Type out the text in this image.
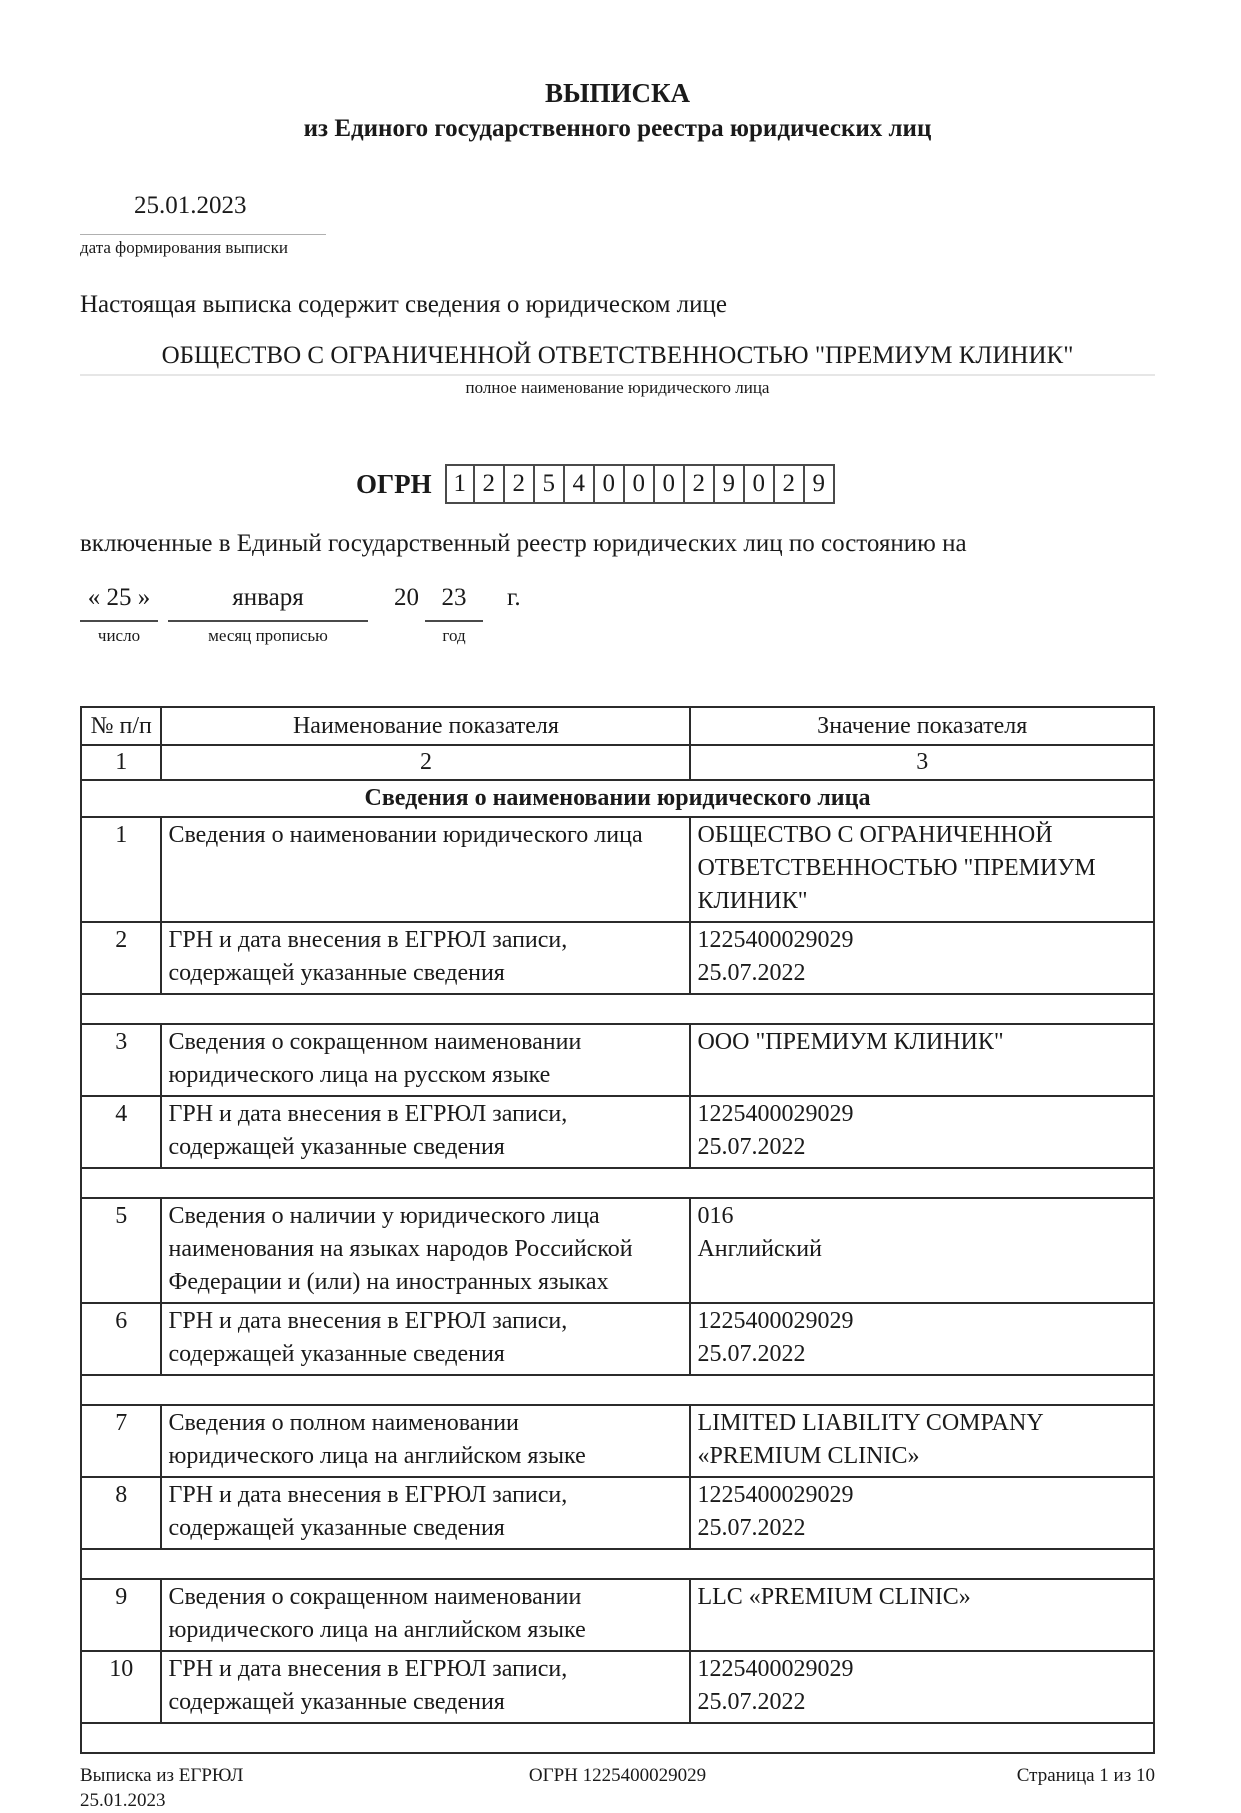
ВЫПИСКА
из Единого государственного реестра юридических лиц
25.01.2023
дата формирования выписки
Настоящая выписка содержит сведения о юридическом лице
ОБЩЕСТВО С ОГРАНИЧЕННОЙ ОТВЕТСТВЕННОСТЬЮ "ПРЕМИУМ КЛИНИК"
полное наименование юридического лица
ОГРН 1 2 2 5 4 0 0 0 2 9 0 2 9
включенные в Единый государственный реестр юридических лиц по состоянию на
« 25 »
число
января
месяц прописью
20 23
год
г.
№ п/п	Наименование показателя	Значение показателя
1	2	3
Сведения о наименовании юридического лица		
1	Сведения о наименовании юридического лица	ОБЩЕСТВО С ОГРАНИЧЕННОЙ
ОТВЕТСТВЕННОСТЬЮ "ПРЕМИУМ
КЛИНИК"
2	ГРН и дата внесения в ЕГРЮЛ записи,
содержащей указанные сведения	1225400029029
25.07.2022

3	Сведения о сокращенном наименовании
юридического лица на русском языке	ООО "ПРЕМИУМ КЛИНИК"
4	ГРН и дата внесения в ЕГРЮЛ записи,
содержащей указанные сведения	1225400029029
25.07.2022

5	Сведения о наличии у юридического лица
наименования на языках народов Российской
Федерации и (или) на иностранных языках	016
Английский
6	ГРН и дата внесения в ЕГРЮЛ записи,
содержащей указанные сведения	1225400029029
25.07.2022

7	Сведения о полном наименовании
юридического лица на английском языке	LIMITED LIABILITY COMPANY
«PREMIUM CLINIC»
8	ГРН и дата внесения в ЕГРЮЛ записи,
содержащей указанные сведения	1225400029029
25.07.2022

9	Сведения о сокращенном наименовании
юридического лица на английском языке	LLC «PREMIUM CLINIC»
10	ГРН и дата внесения в ЕГРЮЛ записи,
содержащей указанные сведения	1225400029029
25.07.2022

Выписка из ЕГРЮЛ
25.01.2023
ОГРН 1225400029029	Страница 1 из 10
